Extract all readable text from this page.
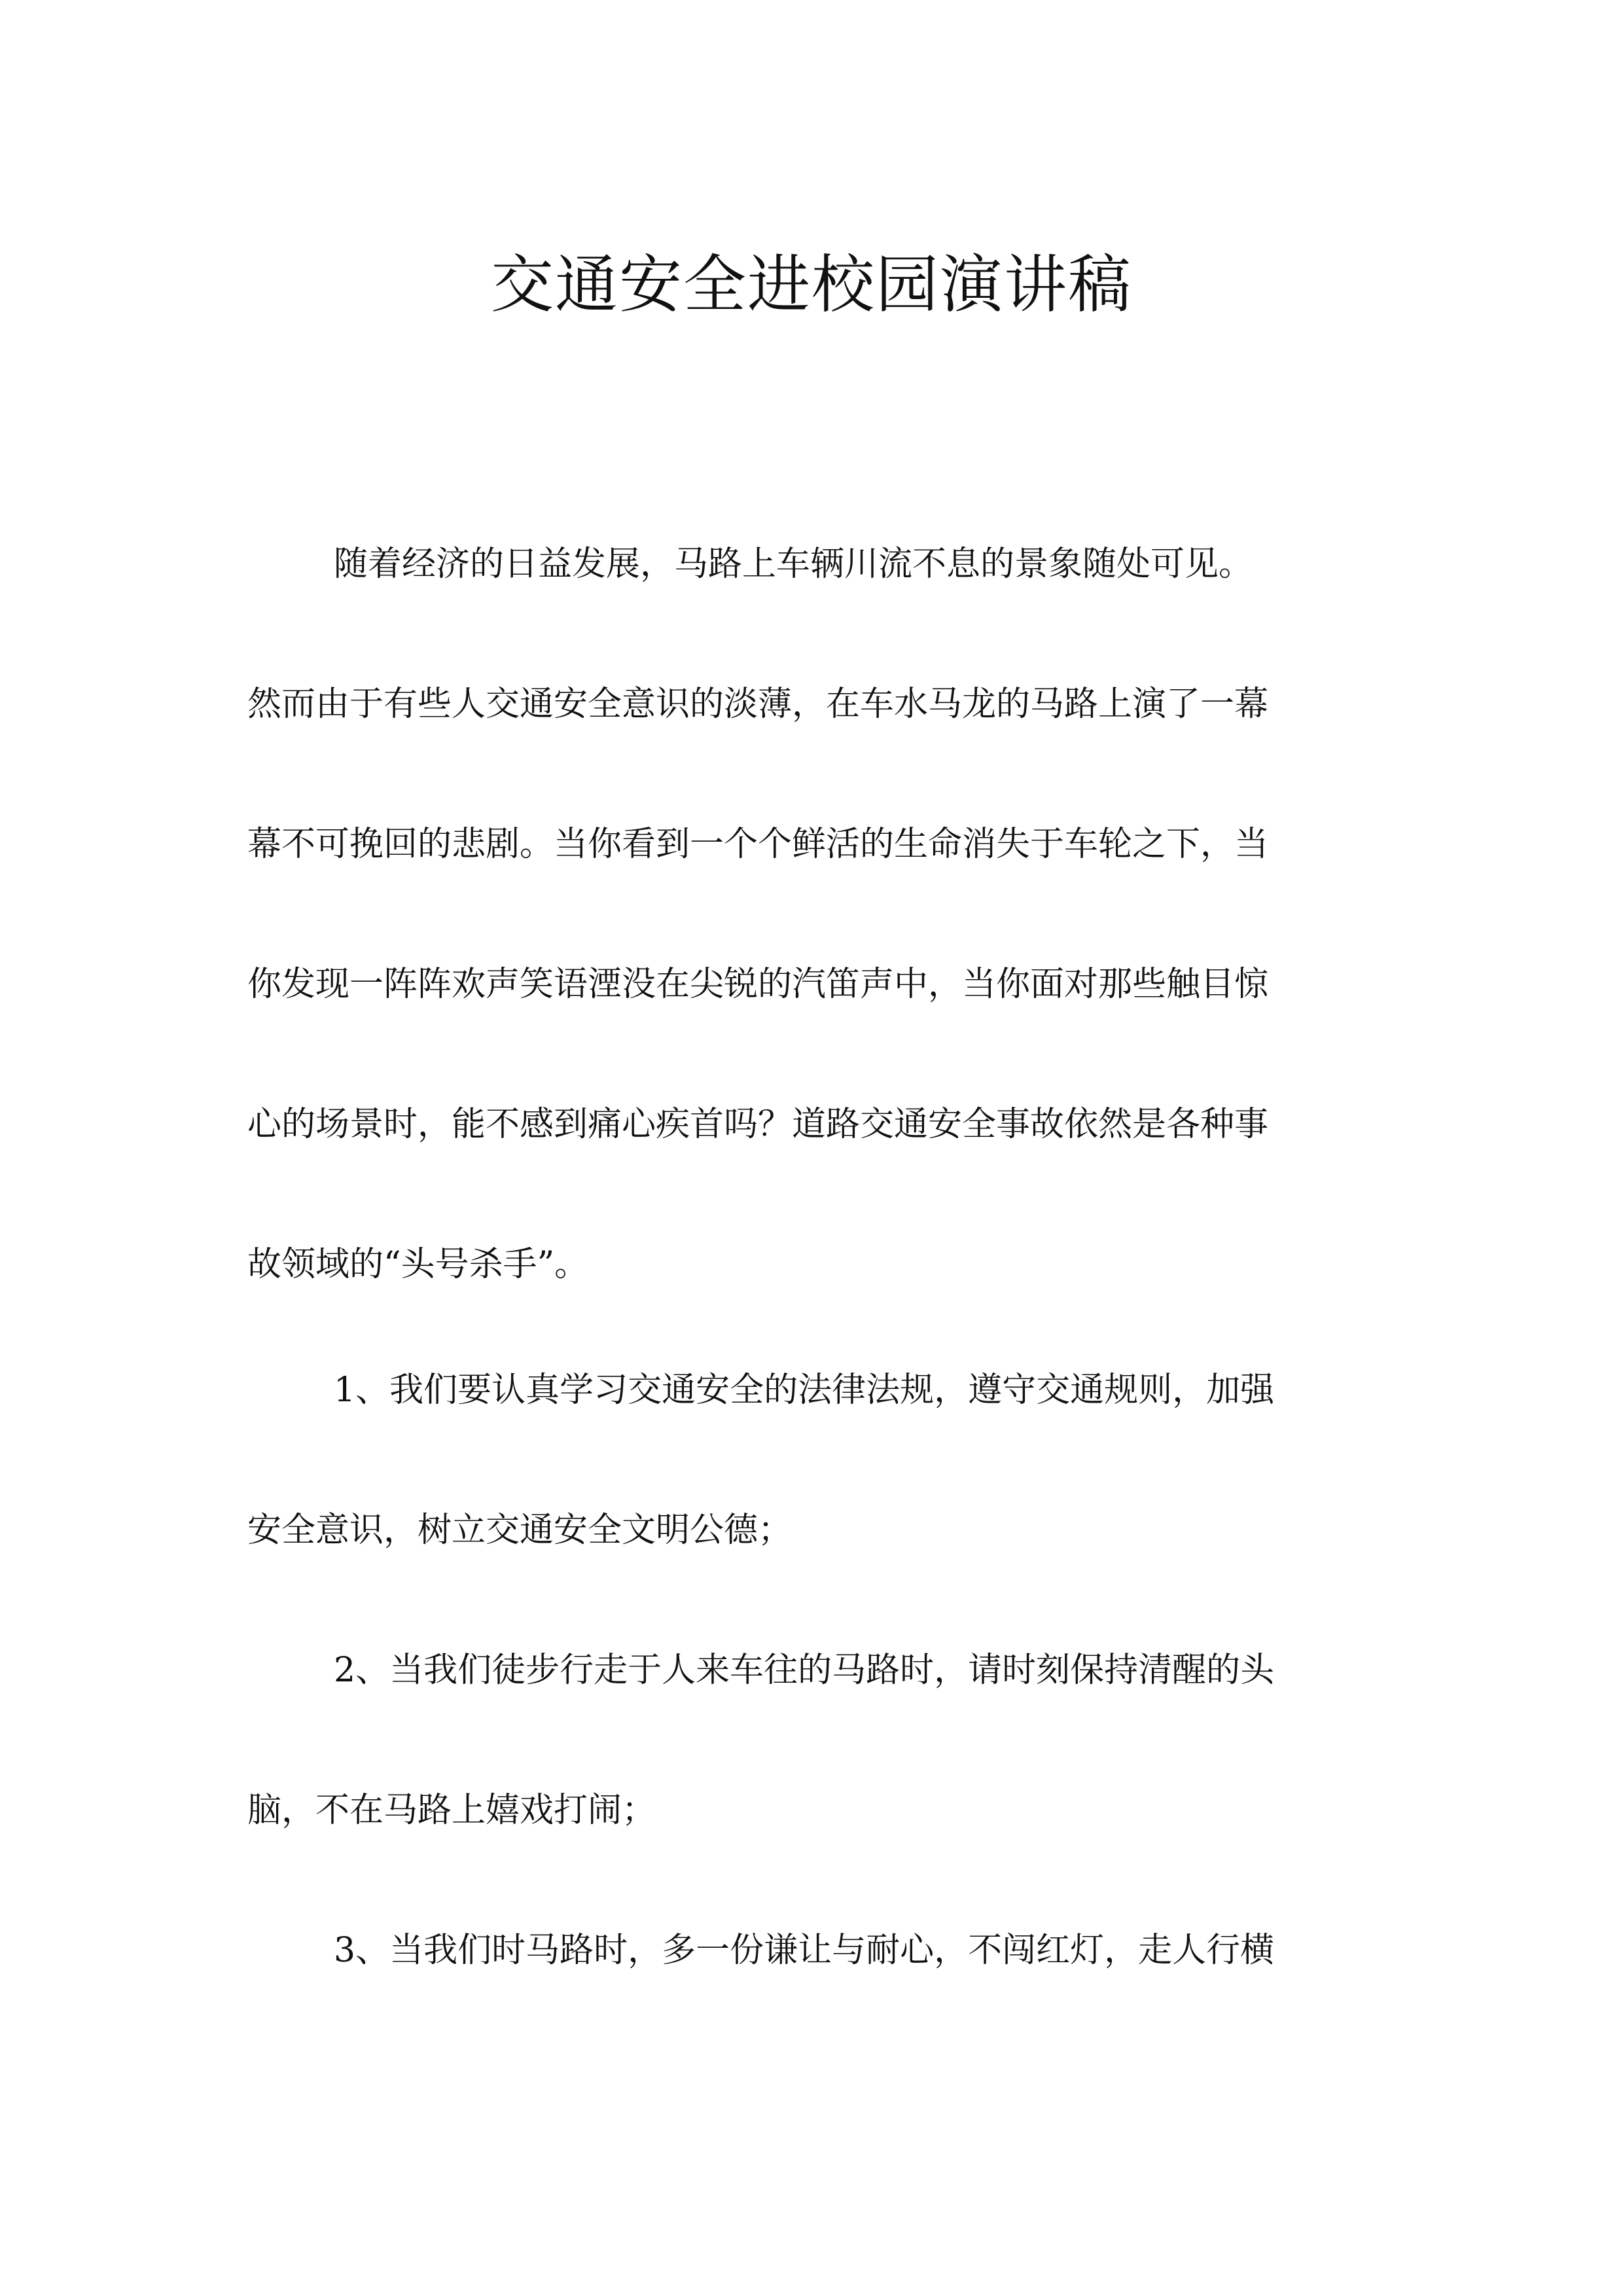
交通安全进校园演讲稿

随着经济的日益发展，马路上车辆川流不息的景象随处可见。

然而由于有些人交通安全意识的淡薄，在车水马龙的马路上演了一幕

幕不可挽回的悲剧。当你看到一个个鲜活的生命消失于车轮之下，当

你发现一阵阵欢声笑语湮没在尖锐的汽笛声中，当你面对那些触目惊

心的场景时，能不感到痛心疾首吗？道路交通安全事故依然是各种事

故领域的“头号杀手”。

1、我们要认真学习交通安全的法律法规，遵守交通规则，加强

安全意识，树立交通安全文明公德；

2、当我们徒步行走于人来车往的马路时，请时刻保持清醒的头

脑，不在马路上嬉戏打闹；

3、当我们时马路时，多一份谦让与耐心，不闯红灯，走人行横
